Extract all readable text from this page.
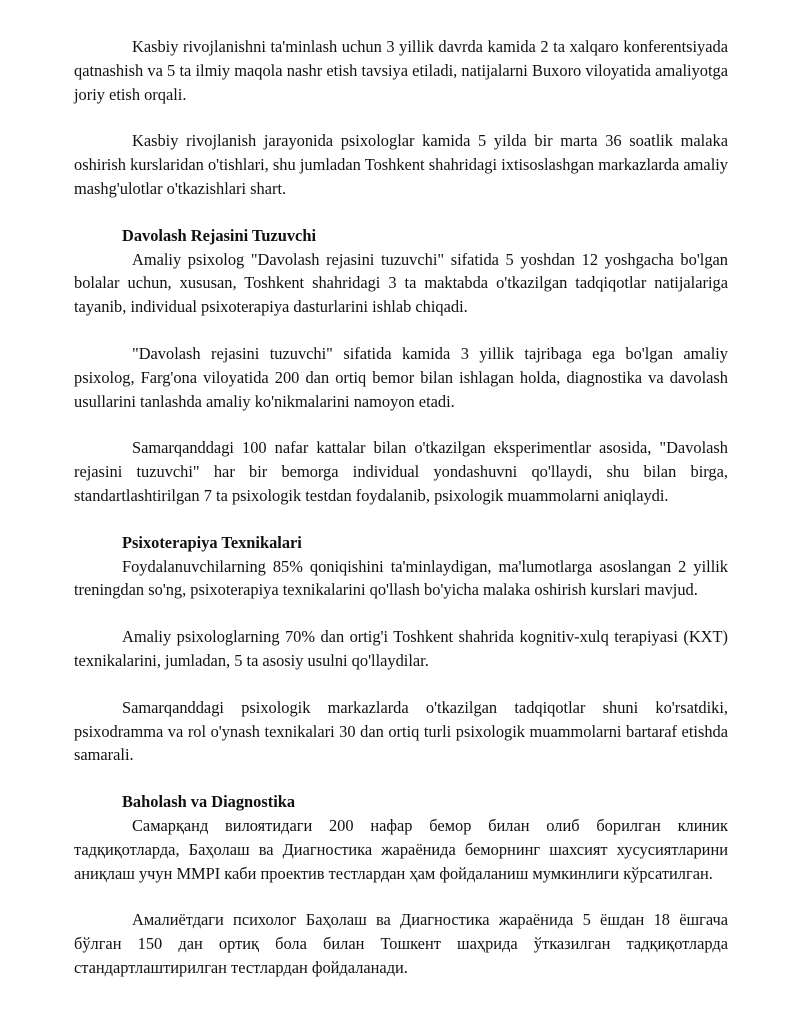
Kasbiy rivojlanishni ta'minlash uchun 3 yillik davrda kamida 2 ta xalqaro konferentsiyada qatnashish va 5 ta ilmiy maqola nashr etish tavsiya etiladi, natijalarni Buxoro viloyatida amaliyotga joriy etish orqali.

Kasbiy rivojlanish jarayonida psixologlar kamida 5 yilda bir marta 36 soatlik malaka oshirish kurslaridan o'tishlari, shu jumladan Toshkent shahridagi ixtisoslashgan markazlarda amaliy mashg'ulotlar o'tkazishlari shart.

Davolash Rejasini Tuzuvchi

Amaliy psixolog "Davolash rejasini tuzuvchi" sifatida 5 yoshdan 12 yoshgacha bo'lgan bolalar uchun, xususan, Toshkent shahridagi 3 ta maktabda o'tkazilgan tadqiqotlar natijalariga tayanib, individual psixoterapiya dasturlarini ishlab chiqadi.

"Davolash rejasini tuzuvchi" sifatida kamida 3 yillik tajribaga ega bo'lgan amaliy psixolog, Farg'ona viloyatida 200 dan ortiq bemor bilan ishlagan holda, diagnostika va davolash usullarini tanlashda amaliy ko'nikmalarini namoyon etadi.

Samarqanddagi 100 nafar kattalar bilan o'tkazilgan eksperimentlar asosida, "Davolash rejasini tuzuvchi" har bir bemorga individual yondashuvni qo'llaydi, shu bilan birga, standartlashtirilgan 7 ta psixologik testdan foydalanib, psixologik muammolarni aniqlaydi.

Psixoterapiya Texnikalari

Foydalanuvchilarning 85% qoniqishini ta'minlaydigan, ma'lumotlarga asoslangan 2 yillik treningdan so'ng, psixoterapiya texnikalarini qo'llash bo'yicha malaka oshirish kurslari mavjud.

Amaliy psixologlarning 70% dan ortig'i Toshkent shahrida kognitiv-xulq terapiyasi (KXT) texnikalarini, jumladan, 5 ta asosiy usulni qo'llaydilar.

Samarqanddagi psixologik markazlarda o'tkazilgan tadqiqotlar shuni ko'rsatdiki, psixodramma va rol o'ynash texnikalari 30 dan ortiq turli psixologik muammolarni bartaraf etishda samarali.

Baholash va Diagnostika

Самарқанд вилоятидаги 200 нафар бемор билан олиб борилган клиник тадқиқотларда, Баҳолаш ва Диагностика жараёнида беморнинг шахсият хусусиятларини аниқлаш учун MMPI каби проектив тестлардан ҳам фойдаланиш мумкинлиги кўрсатилган.

Амалиётдаги психолог Баҳолаш ва Диагностика жараёнида 5 ёшдан 18 ёшгача бўлган 150 дан ортиқ бола билан Тошкент шаҳрида ўтказилган тадқиқотларда стандартлаштирилган тестлардан фойдаланади.
